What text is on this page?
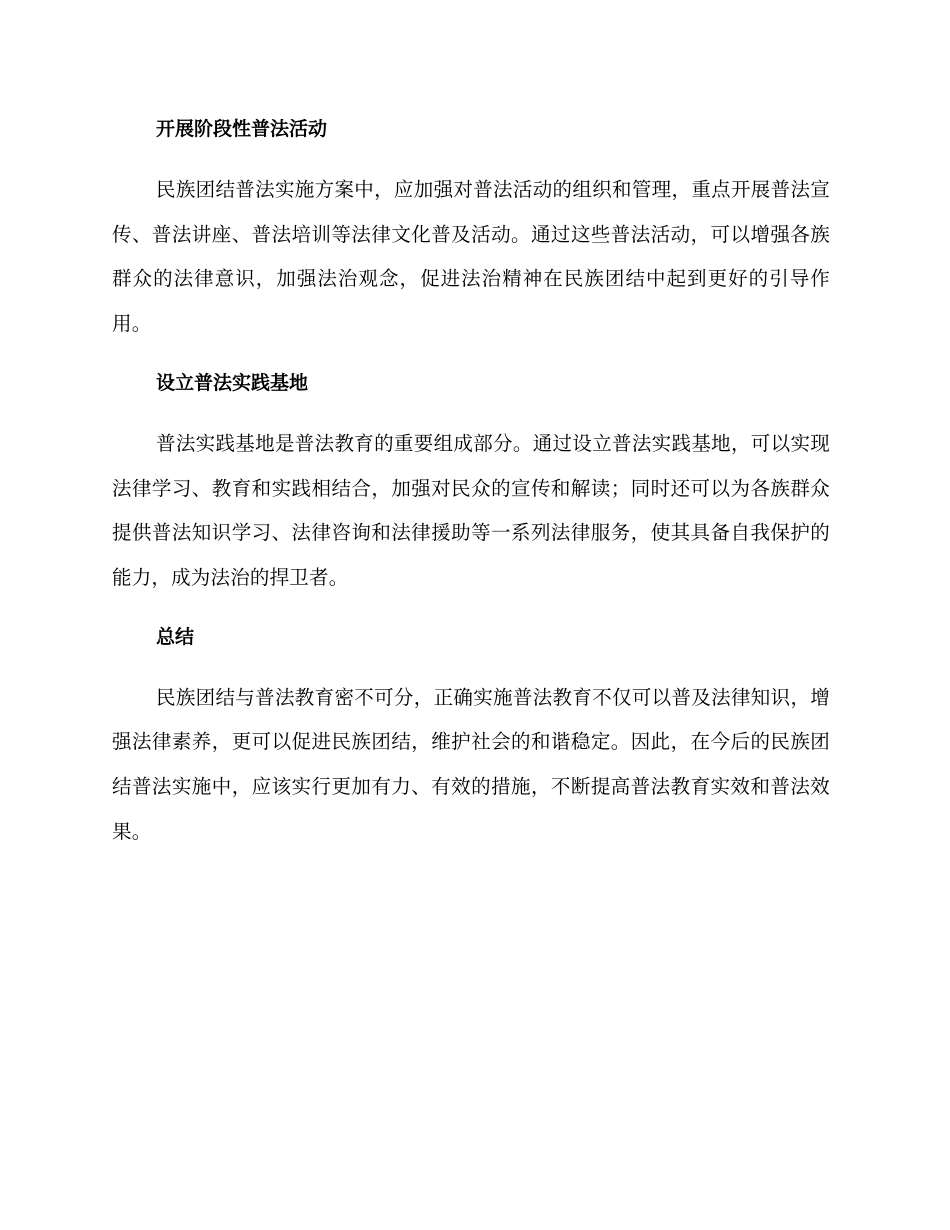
开展阶段性普法活动

民族团结普法实施方案中，应加强对普法活动的组织和管理，重点开展普法宣传、普法讲座、普法培训等法律文化普及活动。通过这些普法活动，可以增强各族群众的法律意识，加强法治观念，促进法治精神在民族团结中起到更好的引导作用。

设立普法实践基地

普法实践基地是普法教育的重要组成部分。通过设立普法实践基地，可以实现法律学习、教育和实践相结合，加强对民众的宣传和解读；同时还可以为各族群众提供普法知识学习、法律咨询和法律援助等一系列法律服务，使其具备自我保护的能力，成为法治的捍卫者。

总结

民族团结与普法教育密不可分，正确实施普法教育不仅可以普及法律知识，增强法律素养，更可以促进民族团结，维护社会的和谐稳定。因此，在今后的民族团结普法实施中，应该实行更加有力、有效的措施，不断提高普法教育实效和普法效果。
